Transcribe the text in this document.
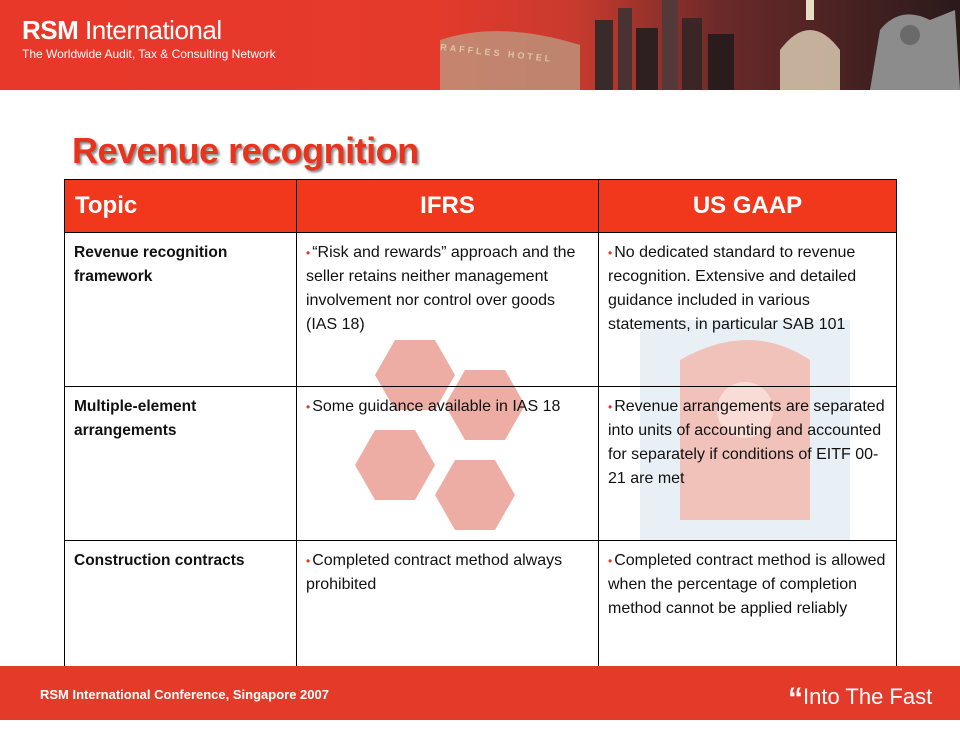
RAFFLES HOTEL
RSM International
The Worldwide Audit, Tax & Consulting Network
Revenue recognition
Topic	IFRS	US GAAP
Revenue recognition framework	• “Risk and rewards” approach and the seller retains neither management involvement nor control over goods (IAS 18)	• No dedicated standard to revenue recognition. Extensive and detailed guidance included in various statements, in particular SAB 101
Multiple-element arrangements	• Some guidance available in IAS 18	• Revenue arrangements are separated into units of accounting and accounted for separately if conditions of EITF 00-21 are met
Construction contracts	• Completed contract method always prohibited	• Completed contract method is allowed when the percentage of completion method cannot be applied reliably
RSM International Conference, Singapore 2007	“Into The Fast Lane”
